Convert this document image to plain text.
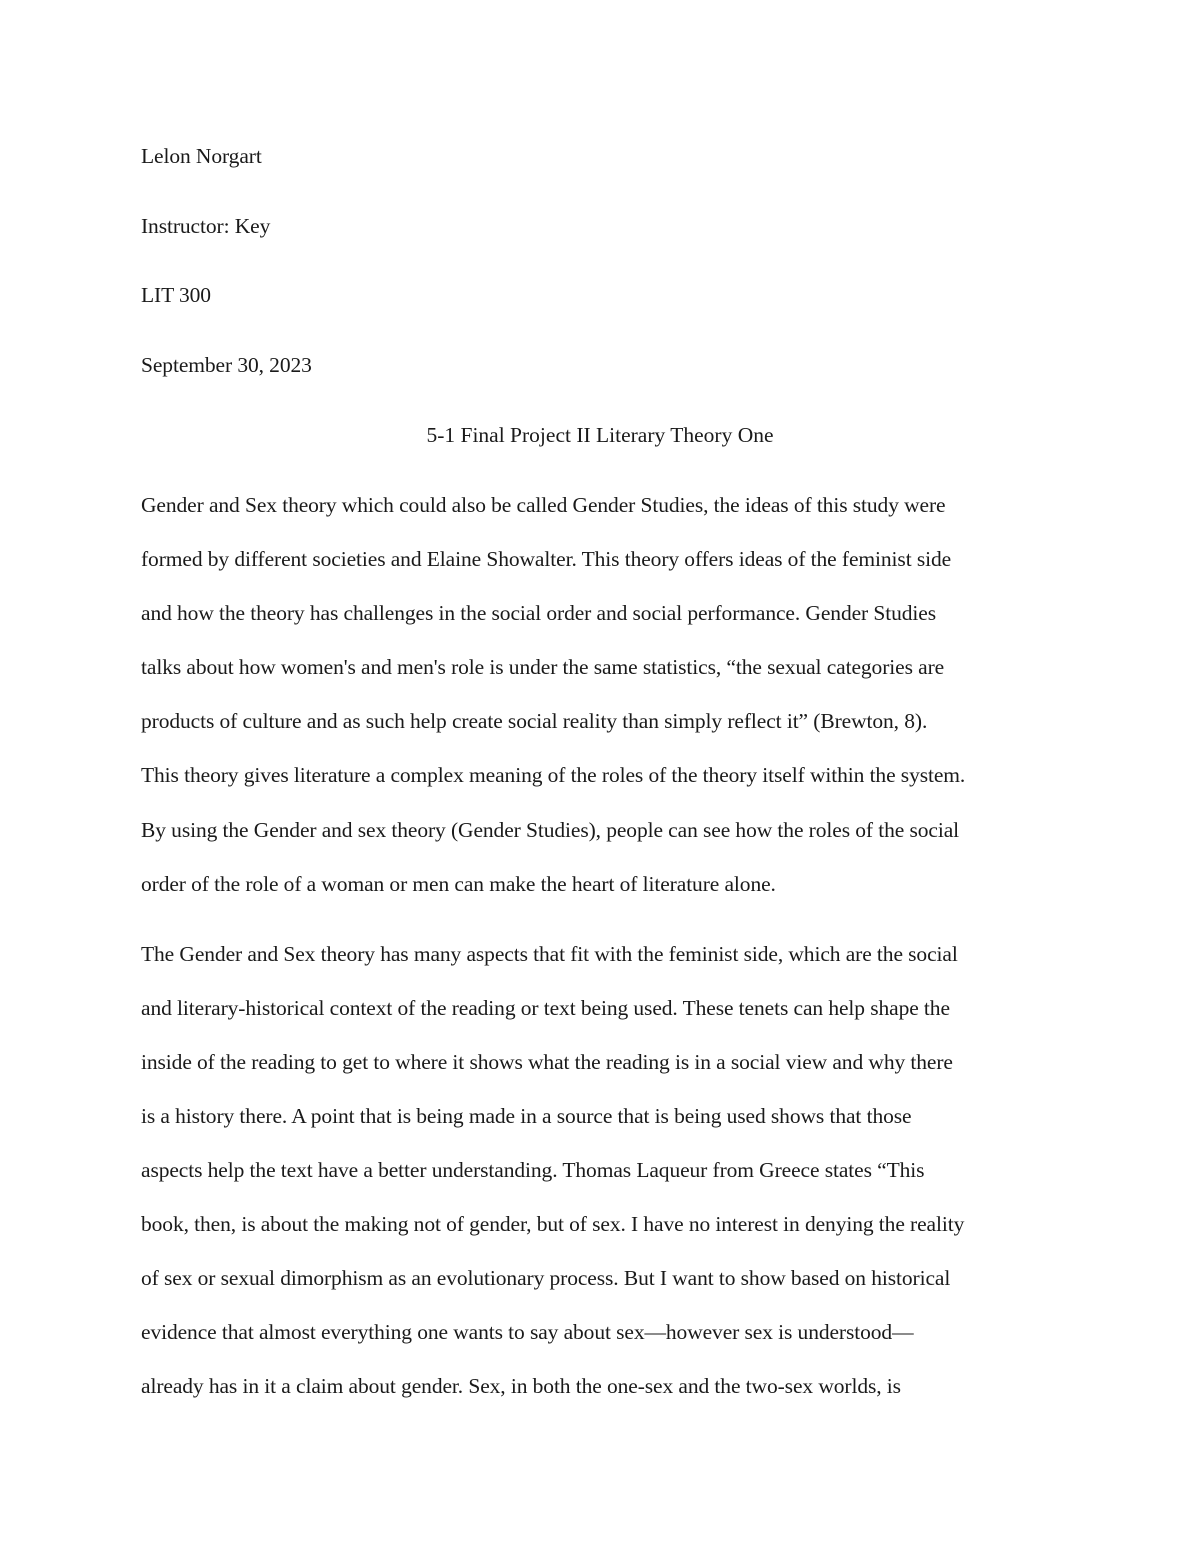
Lelon Norgart
Instructor: Key
LIT 300
September 30, 2023
5-1 Final Project II Literary Theory One
Gender and Sex theory which could also be called Gender Studies, the ideas of this study were
formed by different societies and Elaine Showalter. This theory offers ideas of the feminist side
and how the theory has challenges in the social order and social performance. Gender Studies
talks about how women's and men's role is under the same statistics, “the sexual categories are
products of culture and as such help create social reality than simply reflect it” (Brewton, 8).
This theory gives literature a complex meaning of the roles of the theory itself within the system.
By using the Gender and sex theory (Gender Studies), people can see how the roles of the social
order of the role of a woman or men can make the heart of literature alone.
The Gender and Sex theory has many aspects that fit with the feminist side, which are the social
and literary-historical context of the reading or text being used. These tenets can help shape the
inside of the reading to get to where it shows what the reading is in a social view and why there
is a history there. A point that is being made in a source that is being used shows that those
aspects help the text have a better understanding. Thomas Laqueur from Greece states “This
book, then, is about the making not of gender, but of sex. I have no interest in denying the reality
of sex or sexual dimorphism as an evolutionary process. But I want to show based on historical
evidence that almost everything one wants to say about sex—however sex is understood—
already has in it a claim about gender. Sex, in both the one-sex and the two-sex worlds, is
